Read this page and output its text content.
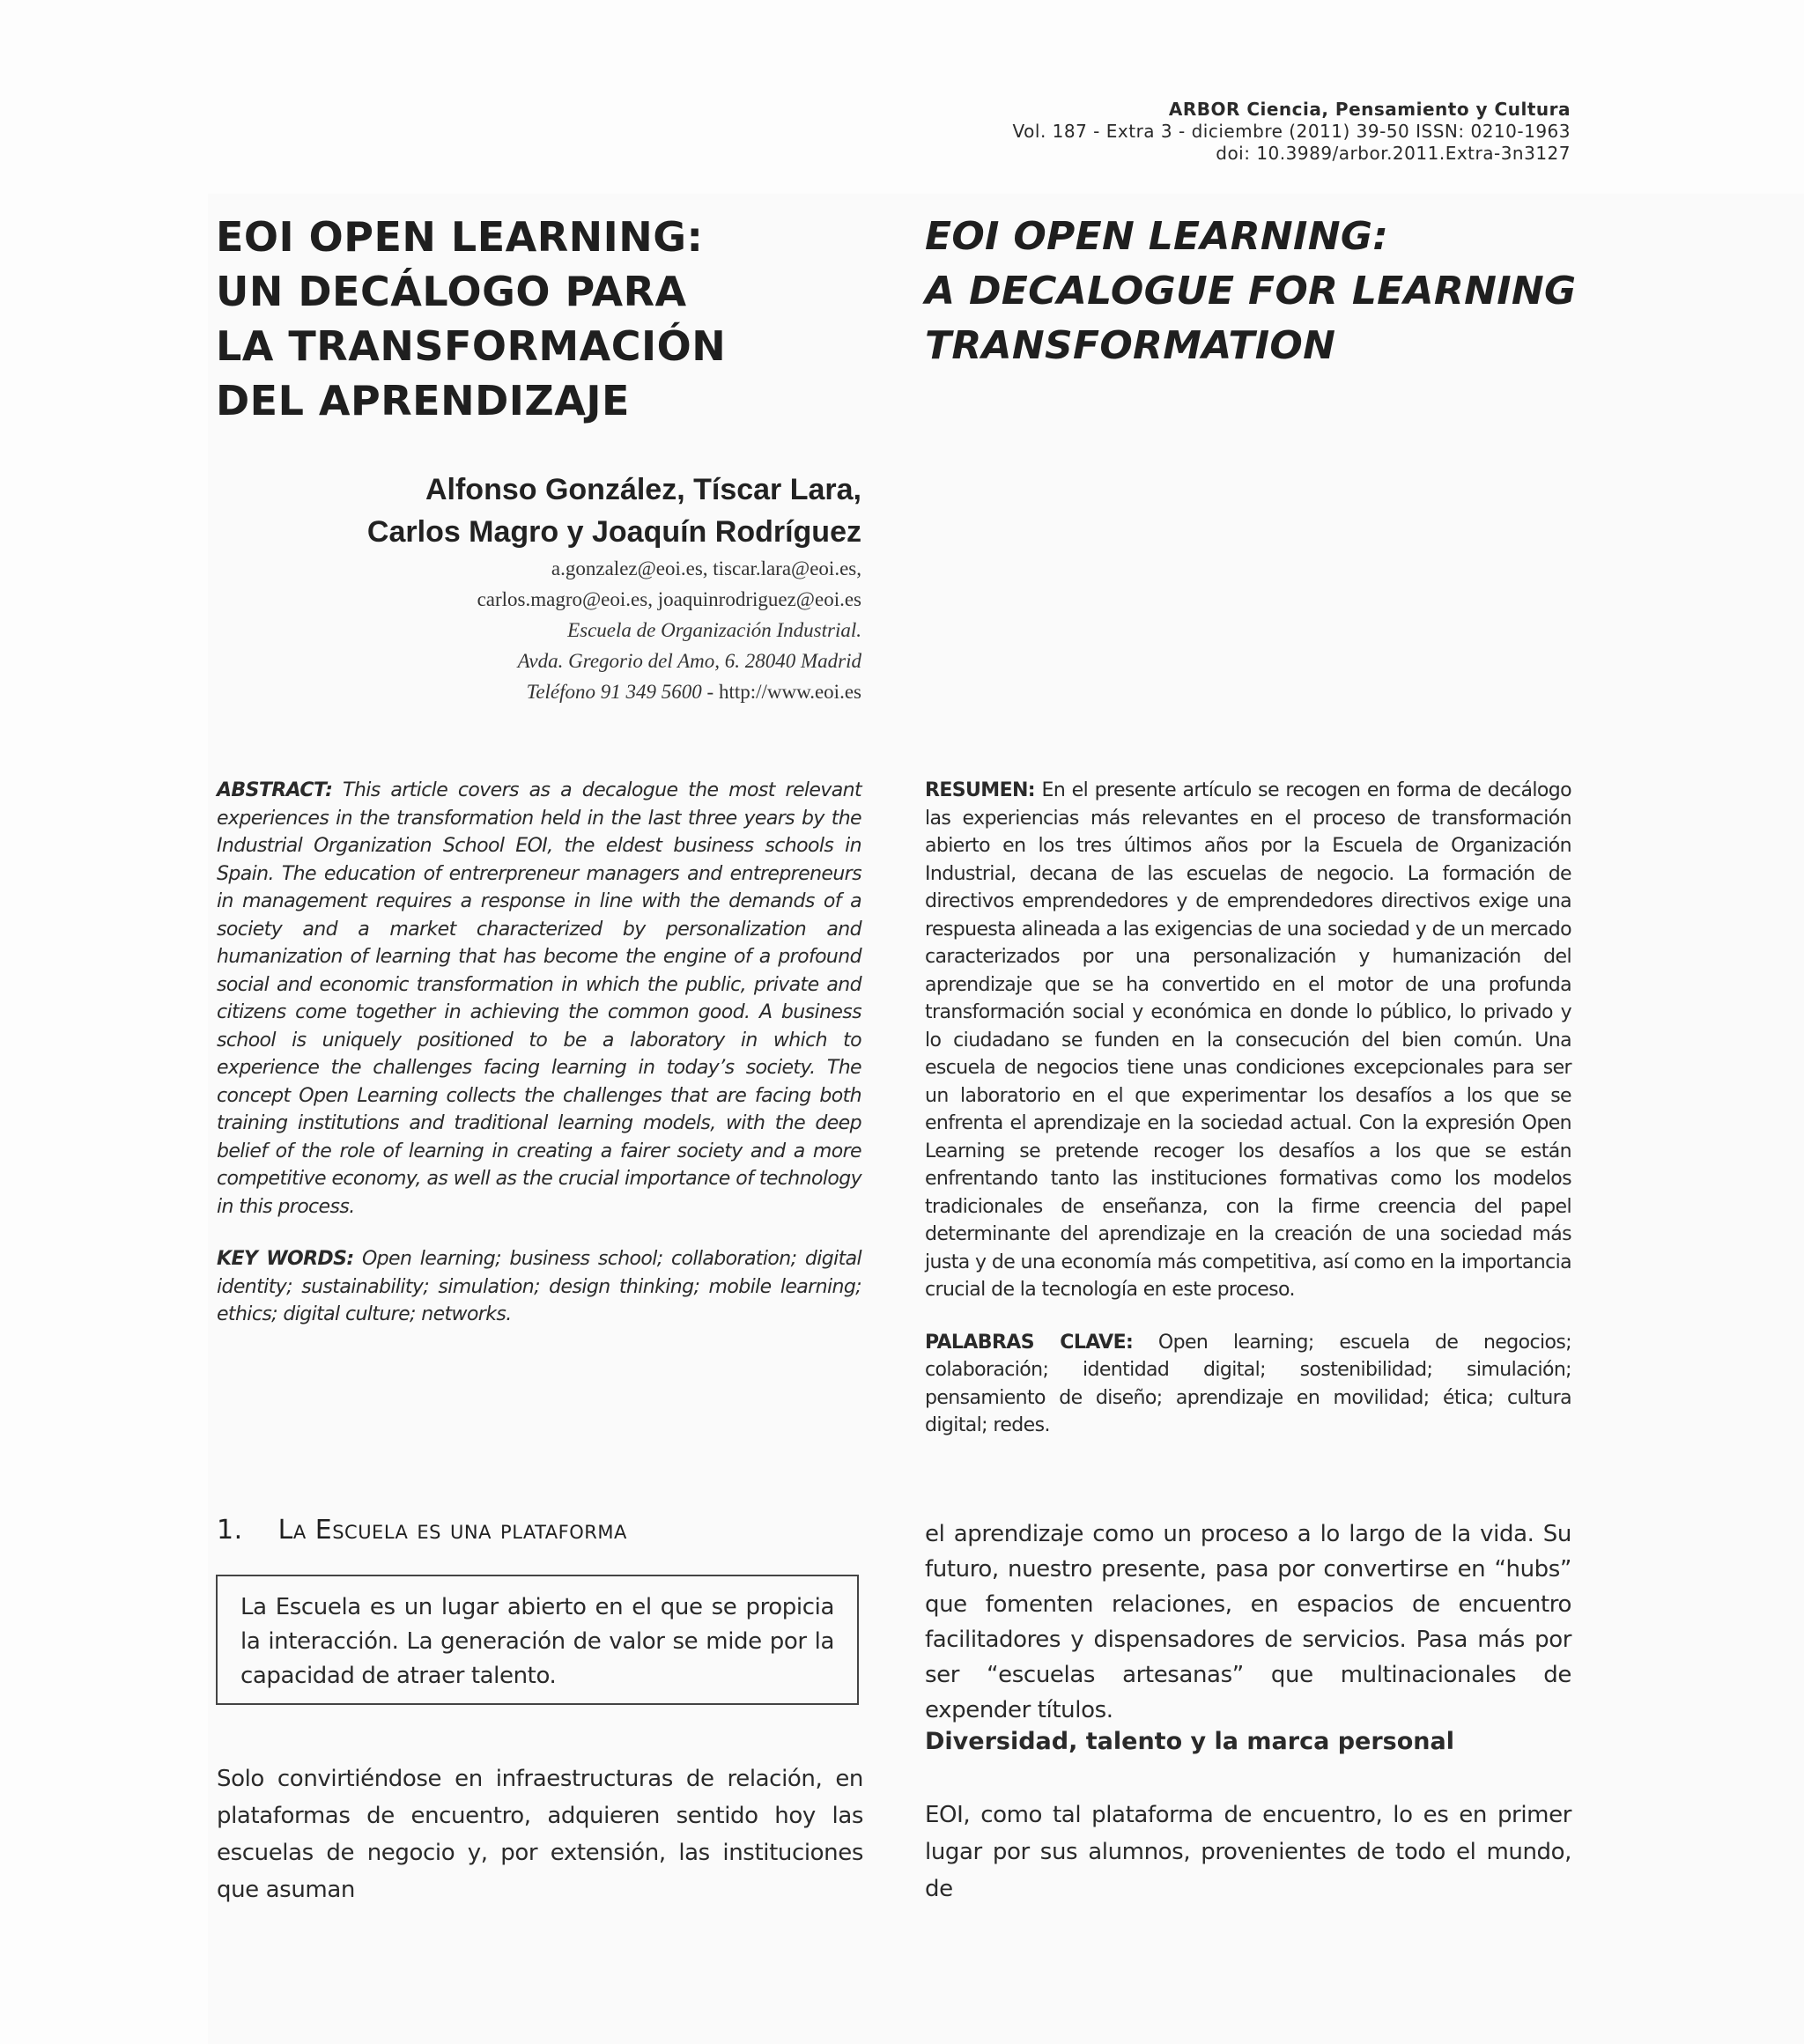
ARBOR Ciencia, Pensamiento y Cultura
Vol. 187 - Extra 3 - diciembre (2011) 39-50 ISSN: 0210-1963
doi: 10.3989/arbor.2011.Extra-3n3127
EOI OPEN LEARNING:
UN DECÁLOGO PARA
LA TRANSFORMACIÓN
DEL APRENDIZAJE
EOI OPEN LEARNING:
A DECALOGUE FOR LEARNING
TRANSFORMATION
Alfonso González, Tíscar Lara,
Carlos Magro y Joaquín Rodríguez
a.gonzalez@eoi.es, tiscar.lara@eoi.es,
carlos.magro@eoi.es, joaquinrodriguez@eoi.es
Escuela de Organización Industrial.
Avda. Gregorio del Amo, 6. 28040 Madrid
Teléfono 91 349 5600 - http://www.eoi.es
ABSTRACT: This article covers as a decalogue the most relevant experiences in the transformation held in the last three years by the Industrial Organization School EOI, the eldest business schools in Spain. The education of entrerpreneur managers and entrepreneurs in management requires a response in line with the demands of a society and a market characterized by personalization and humanization of learning that has become the engine of a profound social and economic transformation in which the public, private and citizens come together in achieving the common good. A business school is uniquely positioned to be a laboratory in which to experience the challenges facing learning in today’s society. The concept Open Learning collects the challenges that are facing both training institutions and traditional learning models, with the deep belief of the role of learning in creating a fairer society and a more competitive economy, as well as the crucial importance of technology in this process.
KEY WORDS: Open learning; business school; collaboration; digital identity; sustainability; simulation; design thinking; mobile learning; ethics; digital culture; networks.
RESUMEN: En el presente artículo se recogen en forma de decálogo las experiencias más relevantes en el proceso de transformación abierto en los tres últimos años por la Escuela de Organización Industrial, decana de las escuelas de negocio. La formación de directivos emprendedores y de emprendedores directivos exige una respuesta alineada a las exigencias de una sociedad y de un mercado caracterizados por una personalización y humanización del aprendizaje que se ha convertido en el motor de una profunda transformación social y económica en donde lo público, lo privado y lo ciudadano se funden en la consecución del bien común. Una escuela de negocios tiene unas condiciones excepcionales para ser un laboratorio en el que experimentar los desafíos a los que se enfrenta el aprendizaje en la sociedad actual. Con la expresión Open Learning se pretende recoger los desafíos a los que se están enfrentando tanto las instituciones formativas como los modelos tradicionales de enseñanza, con la firme creencia del papel determinante del aprendizaje en la creación de una sociedad más justa y de una economía más competitiva, así como en la importancia crucial de la tecnología en este proceso.
PALABRAS CLAVE: Open learning; escuela de negocios; colaboración; identidad digital; sostenibilidad; simulación; pensamiento de diseño; aprendizaje en movilidad; ética; cultura digital; redes.
1. La Escuela es una plataforma
La Escuela es un lugar abierto en el que se propicia la interacción. La generación de valor se mide por la capacidad de atraer talento.
Solo convirtiéndose en infraestructuras de relación, en plataformas de encuentro, adquieren sentido hoy las escuelas de negocio y, por extensión, las instituciones que asuman
el aprendizaje como un proceso a lo largo de la vida. Su futuro, nuestro presente, pasa por convertirse en “hubs” que fomenten relaciones, en espacios de encuentro facilitadores y dispensadores de servicios. Pasa más por ser “escuelas artesanas” que multinacionales de expender títulos.
Diversidad, talento y la marca personal
EOI, como tal plataforma de encuentro, lo es en primer lugar por sus alumnos, provenientes de todo el mundo, de
